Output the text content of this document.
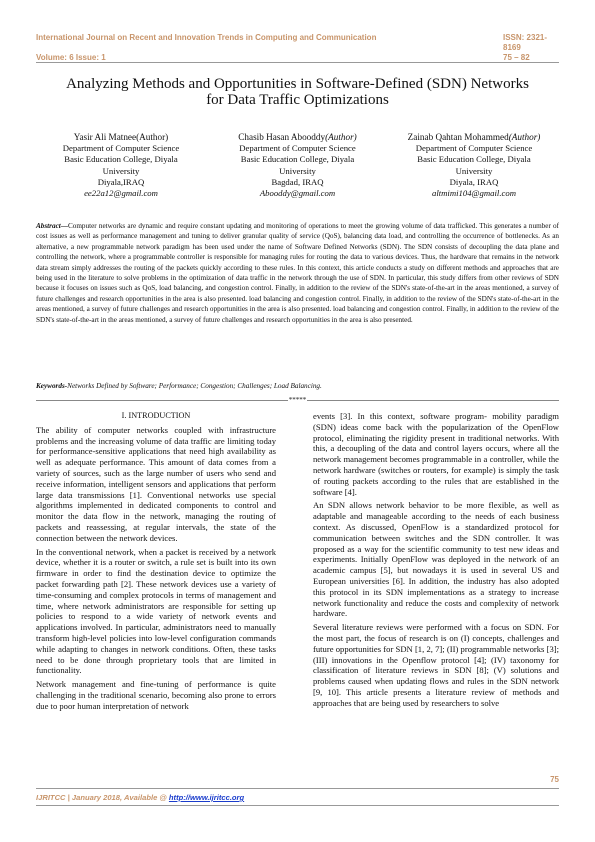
International Journal on Recent and Innovation Trends in Computing and Communication	ISSN: 2321-8169
Volume: 6 Issue: 1	75 – 82
Analyzing Methods and Opportunities in Software-Defined (SDN) Networks
for Data Traffic Optimizations
Yasir Ali Matnee(Author)
Department of Computer Science
Basic Education College, Diyala
University
Diyala,IRAQ
ee22a12@gmail.com
Chasib Hasan Abooddy(Author)
Department of Computer Science
Basic Education College, Diyala
University
Bagdad, IRAQ
Abooddy@gmail.com
Zainab Qahtan Mohammed(Author)
Department of Computer Science
Basic Education College, Diyala
University
Diyala, IRAQ
altmimi104@gmail.com
Abstract—Computer networks are dynamic and require constant updating and monitoring of operations to meet the growing volume of data trafficked. This generates a number of cost issues as well as performance management and tuning to deliver granular quality of service (QoS), balancing data load, and controlling the occurrence of bottlenecks. As an alternative, a new programmable network paradigm has been used under the name of Software Defined Networks (SDN). The SDN consists of decoupling the data plane and controlling the network, where a programmable controller is responsible for managing rules for routing the data to various devices. Thus, the hardware that remains in the network data stream simply addresses the routing of the packets quickly according to these rules. In this context, this article conducts a study on different methods and approaches that are being used in the literature to solve problems in the optimization of data traffic in the network through the use of SDN. In particular, this study differs from other reviews of SDN because it focuses on issues such as QoS, load balancing, and congestion control. Finally, in addition to the review of the SDN's state-of-the-art in the areas mentioned, a survey of future challenges and research opportunities in the area is also presented. load balancing and congestion control. Finally, in addition to the review of the SDN's state-of-the-art in the areas mentioned, a survey of future challenges and research opportunities in the area is also presented. load balancing and congestion control. Finally, in addition to the review of the SDN's state-of-the-art in the areas mentioned, a survey of future challenges and research opportunities in the area is also presented.
Keywords-Networks Defined by Software; Performance; Congestion; Challenges; Load Balancing.
*****
I. INTRODUCTION

The ability of computer networks coupled with infrastructure problems and the increasing volume of data traffic are limiting today for performance-sensitive applications that need high availability as well as adequate performance. This amount of data comes from a variety of sources, such as the large number of users who send and receive information, intelligent sensors and applications that perform large data transmissions [1]. Conventional networks use special algorithms implemented in dedicated components to control and monitor the data flow in the network, managing the routing of packets and reassessing, at regular intervals, the state of the connection between the network devices.

In the conventional network, when a packet is received by a network device, whether it is a router or switch, a rule set is built into its own firmware in order to find the destination device to optimize the packet forwarding path [2]. These network devices use a variety of time-consuming and complex protocols in terms of management and time, where network administrators are responsible for setting up policies to respond to a wide variety of network events and applications involved. In particular, administrators need to manually transform high-level policies into low-level configuration commands while adapting to changes in network conditions. Often, these tasks need to be done through proprietary tools that are limited in functionality.

Network management and fine-tuning of performance is quite challenging in the traditional scenario, becoming also prone to errors due to poor human interpretation of network

events [3]. In this context, software program- mobility paradigm (SDN) ideas come back with the popularization of the OpenFlow protocol, eliminating the rigidity present in traditional networks. With this, a decoupling of the data and control layers occurs, where all the network management becomes programmable in a controller, while the network hardware (switches or routers, for example) is simply the task of routing packets according to the rules that are established in the software [4].

An SDN allows network behavior to be more flexible, as well as adaptable and manageable according to the needs of each business context. As discussed, OpenFlow is a standardized protocol for communication between switches and the SDN controller. It was proposed as a way for the scientific community to test new ideas and experiments. Initially OpenFlow was deployed in the network of an academic campus [5], but nowadays it is used in several US and European universities [6]. In addition, the industry has also adopted this protocol in its SDN implementations as a strategy to increase network functionality and reduce the costs and complexity of network hardware.

Several literature reviews were performed with a focus on SDN. For the most part, the focus of research is on (I) concepts, challenges and future opportunities for SDN [1, 2, 7]; (II) programmable networks [3]; (III) innovations in the Openflow protocol [4]; (IV) taxonomy for classification of literature reviews in SDN [8]; (V) solutions and problems caused when updating flows and rules in the SDN network [9, 10]. This article presents a literature review of methods and approaches that are being used by researchers to solve

75
IJRITCC | January 2018, Available @ http://www.ijritcc.org
